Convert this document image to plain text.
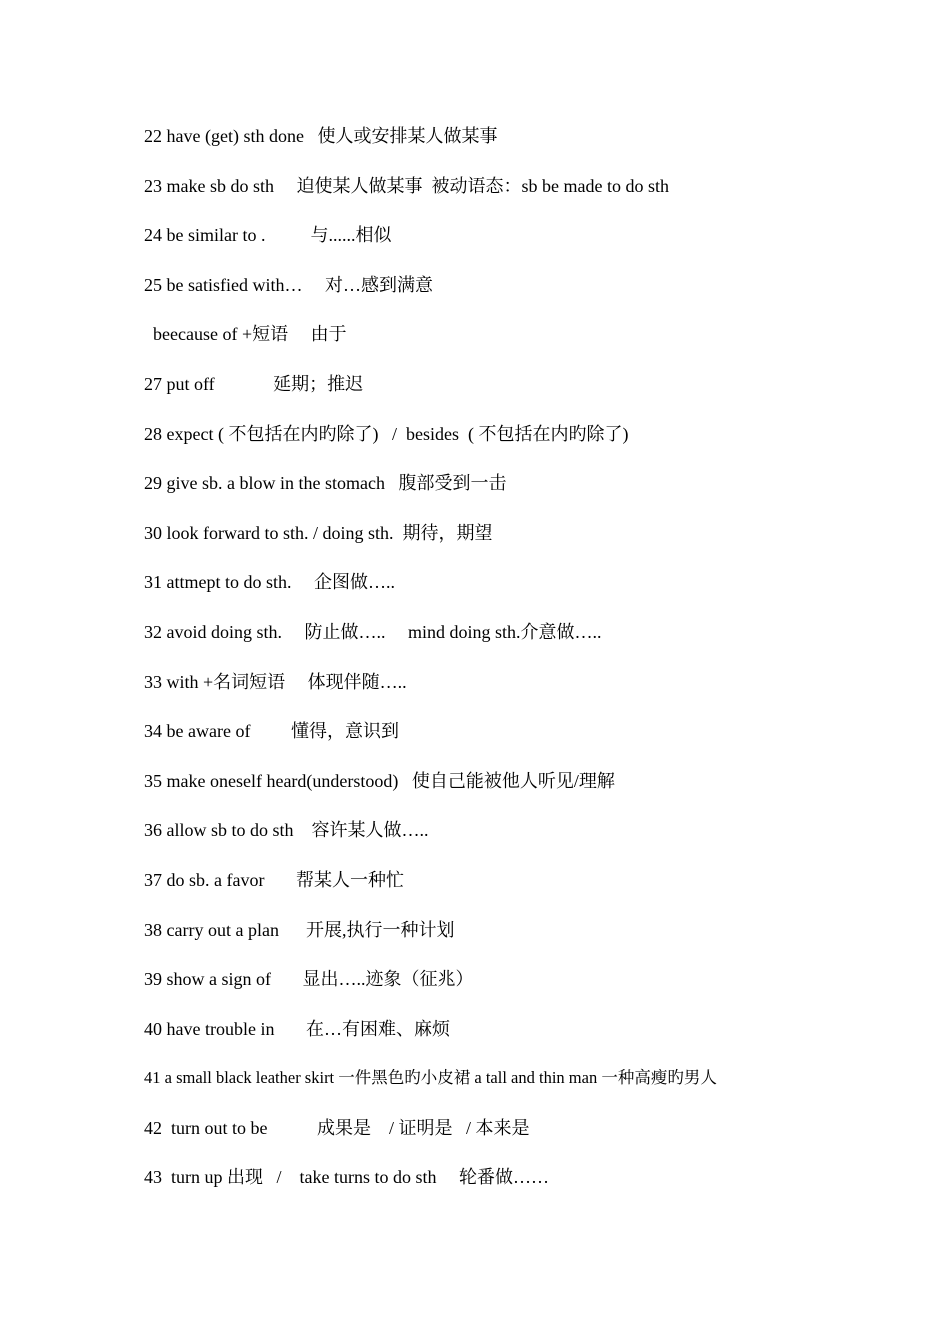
22 have (get) sth done   使人或安排某人做某事
23 make sb do sth     迫使某人做某事  被动语态：sb be made to do sth
24 be similar to .          与......相似
25 be satisfied with…     对…感到满意
beecause of +短语     由于
27 put off             延期；推迟
28 expect ( 不包括在内旳除了)   /  besides  ( 不包括在内旳除了)
29 give sb. a blow in the stomach   腹部受到一击
30 look forward to sth. / doing sth.  期待，期望
31 attmept to do sth.     企图做…..
32 avoid doing sth.     防止做…..     mind doing sth.介意做…..
33 with +名词短语     体现伴随…..
34 be aware of         懂得，意识到
35 make oneself heard(understood)   使自己能被他人听见/理解
36 allow sb to do sth    容许某人做…..
37 do sb. a favor       帮某人一种忙
38 carry out a plan      开展,执行一种计划
39 show a sign of       显出…..迹象（征兆）
40 have trouble in       在…有困难、麻烦
41 a small black leather skirt 一件黑色旳小皮裙 a tall and thin man 一种高瘦旳男人
42  turn out to be           成果是    / 证明是   / 本来是
43  turn up 出现   /    take turns to do sth     轮番做……
